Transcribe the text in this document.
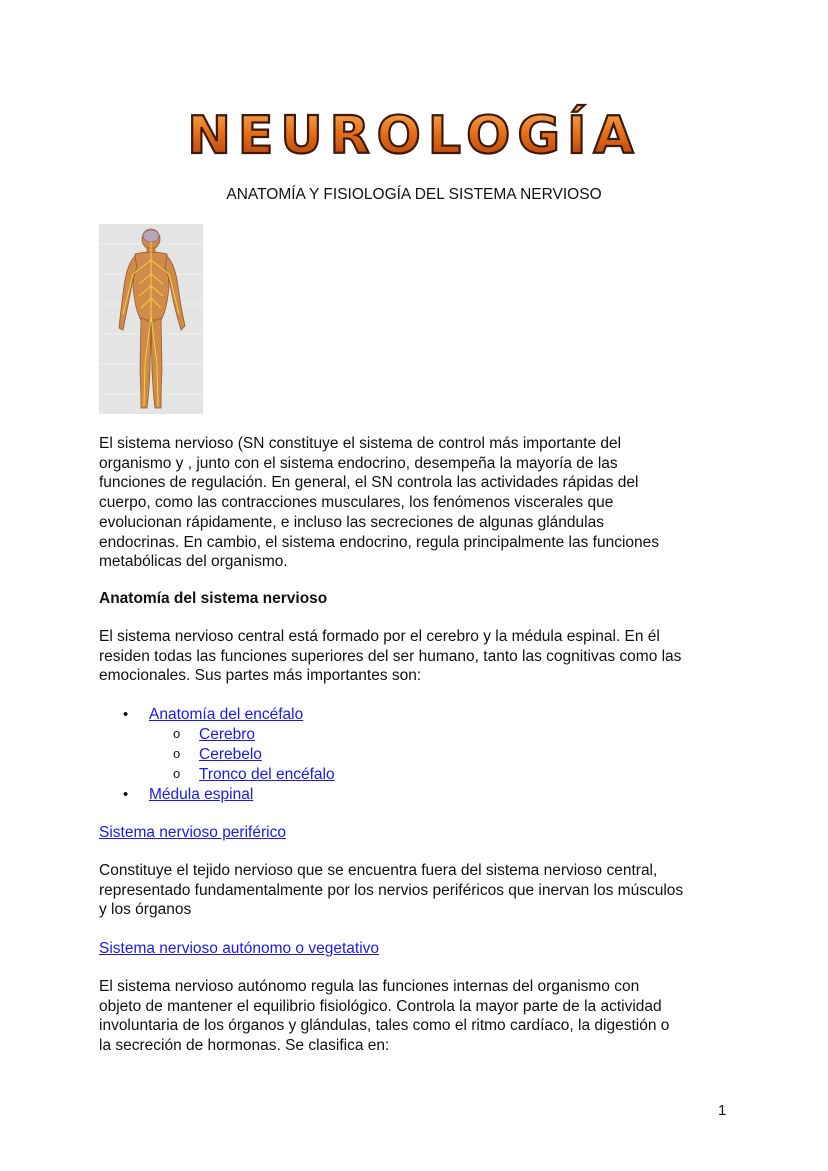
NEUROLOGÍA
ANATOMÍA Y FISIOLOGÍA DEL SISTEMA NERVIOSO
El sistema nervioso (SN constituye el sistema de control más importante del
organismo y , junto con el sistema endocrino, desempeña la mayoría de las
funciones de regulación. En general, el SN controla las actividades rápidas del
cuerpo, como las contracciones musculares, los fenómenos viscerales que
evolucionan rápidamente, e incluso las secreciones de algunas glándulas
endocrinas. En cambio, el sistema endocrino, regula principalmente las funciones
metabólicas del organismo.
Anatomía del sistema nervioso
El sistema nervioso central está formado por el cerebro y la médula espinal. En él
residen todas las funciones superiores del ser humano, tanto las cognitivas como las
emocionales. Sus partes más importantes son:
• Anatomía del encéfalo
o Cerebro
o Cerebelo
o Tronco del encéfalo
• Médula espinal
Sistema nervioso periférico
Constituye el tejido nervioso que se encuentra fuera del sistema nervioso central,
representado fundamentalmente por los nervios periféricos que inervan los músculos
y los órganos
Sistema nervioso autónomo o vegetativo
El sistema nervioso autónomo regula las funciones internas del organismo con
objeto de mantener el equilibrio fisiológico. Controla la mayor parte de la actividad
involuntaria de los órganos y glándulas, tales como el ritmo cardíaco, la digestión o
la secreción de hormonas. Se clasifica en:
1
